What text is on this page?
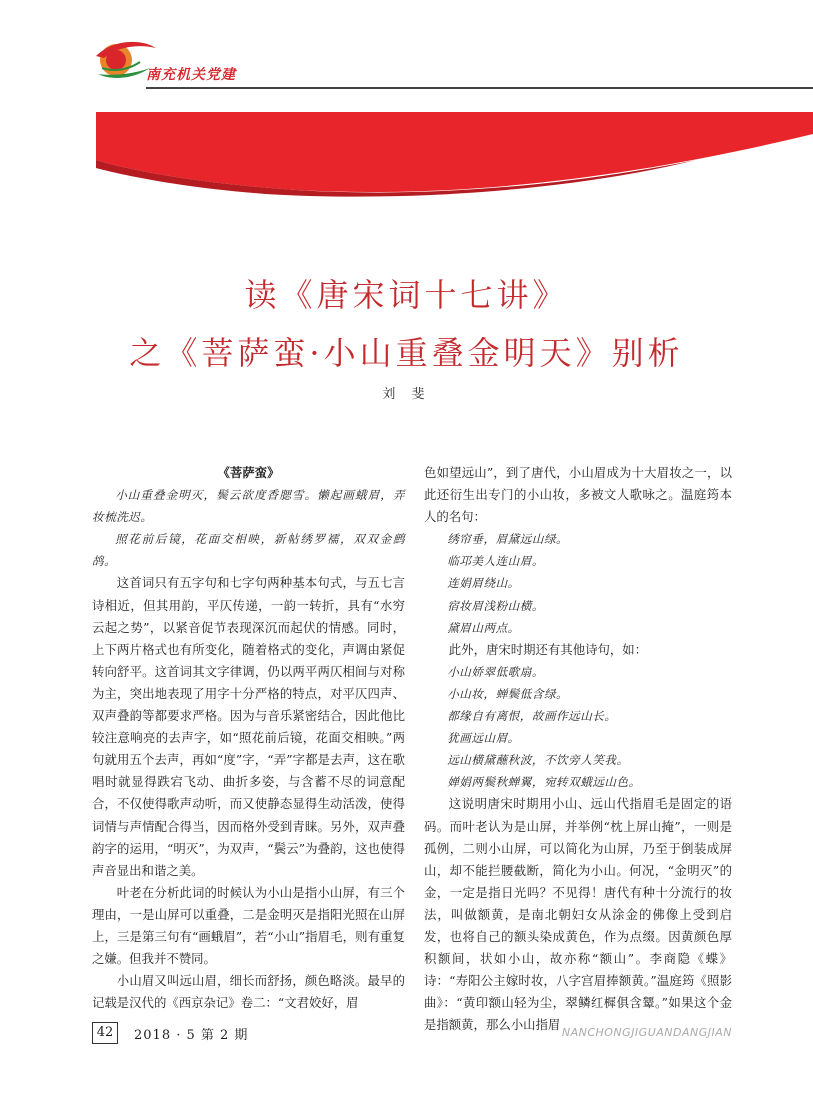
南充机关党建
读《唐宋词十七讲》
之《菩萨蛮·小山重叠金明天》别析
刘 斐

《菩萨蛮》

小山重叠金明灭，鬓云欲度香腮雪。懒起画蛾眉，弄妆梳洗迟。

照花前后镜，花面交相映，新帖绣罗襦，双双金鹧鸪。

这首词只有五字句和七字句两种基本句式，与五七言诗相近，但其用韵，平仄传递，一韵一转折，具有“水穷云起之势”，以紧音促节表现深沉而起伏的情感。同时，上下两片格式也有所变化，随着格式的变化，声调由紧促转向舒平。这首词其文字律调，仍以两平两仄相间与对称为主，突出地表现了用字十分严格的特点，对平仄四声、双声叠韵等都要求严格。因为与音乐紧密结合，因此他比较注意响亮的去声字，如“照花前后镜，花面交相映。”两句就用五个去声，再如“度”字，“弄”字都是去声，这在歌唱时就显得跌宕飞动、曲折多姿，与含蓄不尽的词意配合，不仅使得歌声动听，而又使静态显得生动活泼，使得词情与声情配合得当，因而格外受到青睐。另外，双声叠韵字的运用，“明灭”，为双声，“鬓云”为叠韵，这也使得声音显出和谐之美。

叶老在分析此词的时候认为小山是指小山屏，有三个理由，一是山屏可以重叠，二是金明灭是指阳光照在山屏上，三是第三句有“画蛾眉”，若“小山”指眉毛，则有重复之嫌。但我并不赞同。

小山眉又叫远山眉，细长而舒扬，颜色略淡。最早的记载是汉代的《西京杂记》卷二：“文君姣好，眉

色如望远山”，到了唐代，小山眉成为十大眉妆之一，以此还衍生出专门的小山妆，多被文人歌咏之。温庭筠本人的名句：

绣帘垂，眉黛远山绿。

临邛美人连山眉。

连娟眉绕山。

宿妆眉浅粉山横。

黛眉山两点。

此外，唐宋时期还有其他诗句，如：

小山娇翠低歌扇。

小山妆，蝉鬓低含绿。

都缘自有离恨，故画作远山长。

犹画远山眉。

远山横黛蘸秋波，不饮旁人笑我。

婵娟两鬓秋蝉翼，宛转双蛾远山色。

这说明唐宋时期用小山、远山代指眉毛是固定的语码。而叶老认为是山屏，并举例“枕上屏山掩”，一则是孤例，二则小山屏，可以简化为山屏，乃至于倒装成屏山，却不能拦腰截断，简化为小山。何况，“金明灭”的金，一定是指日光吗？不见得！唐代有种十分流行的妆法，叫做额黄，是南北朝妇女从涂金的佛像上受到启发，也将自己的额头染成黄色，作为点缀。因黄颜色厚积额间，状如小山，故亦称“额山”。李商隐《蝶》诗：“寿阳公主嫁时妆，八字宫眉捧额黄。”温庭筠《照影曲》：“黄印额山轻为尘，翠鳞红樨俱含颦。”如果这个金是指额黄，那么小山指眉

42	2018 · 5 第 2 期	NANCHONGJIGUANDANGJIAN
